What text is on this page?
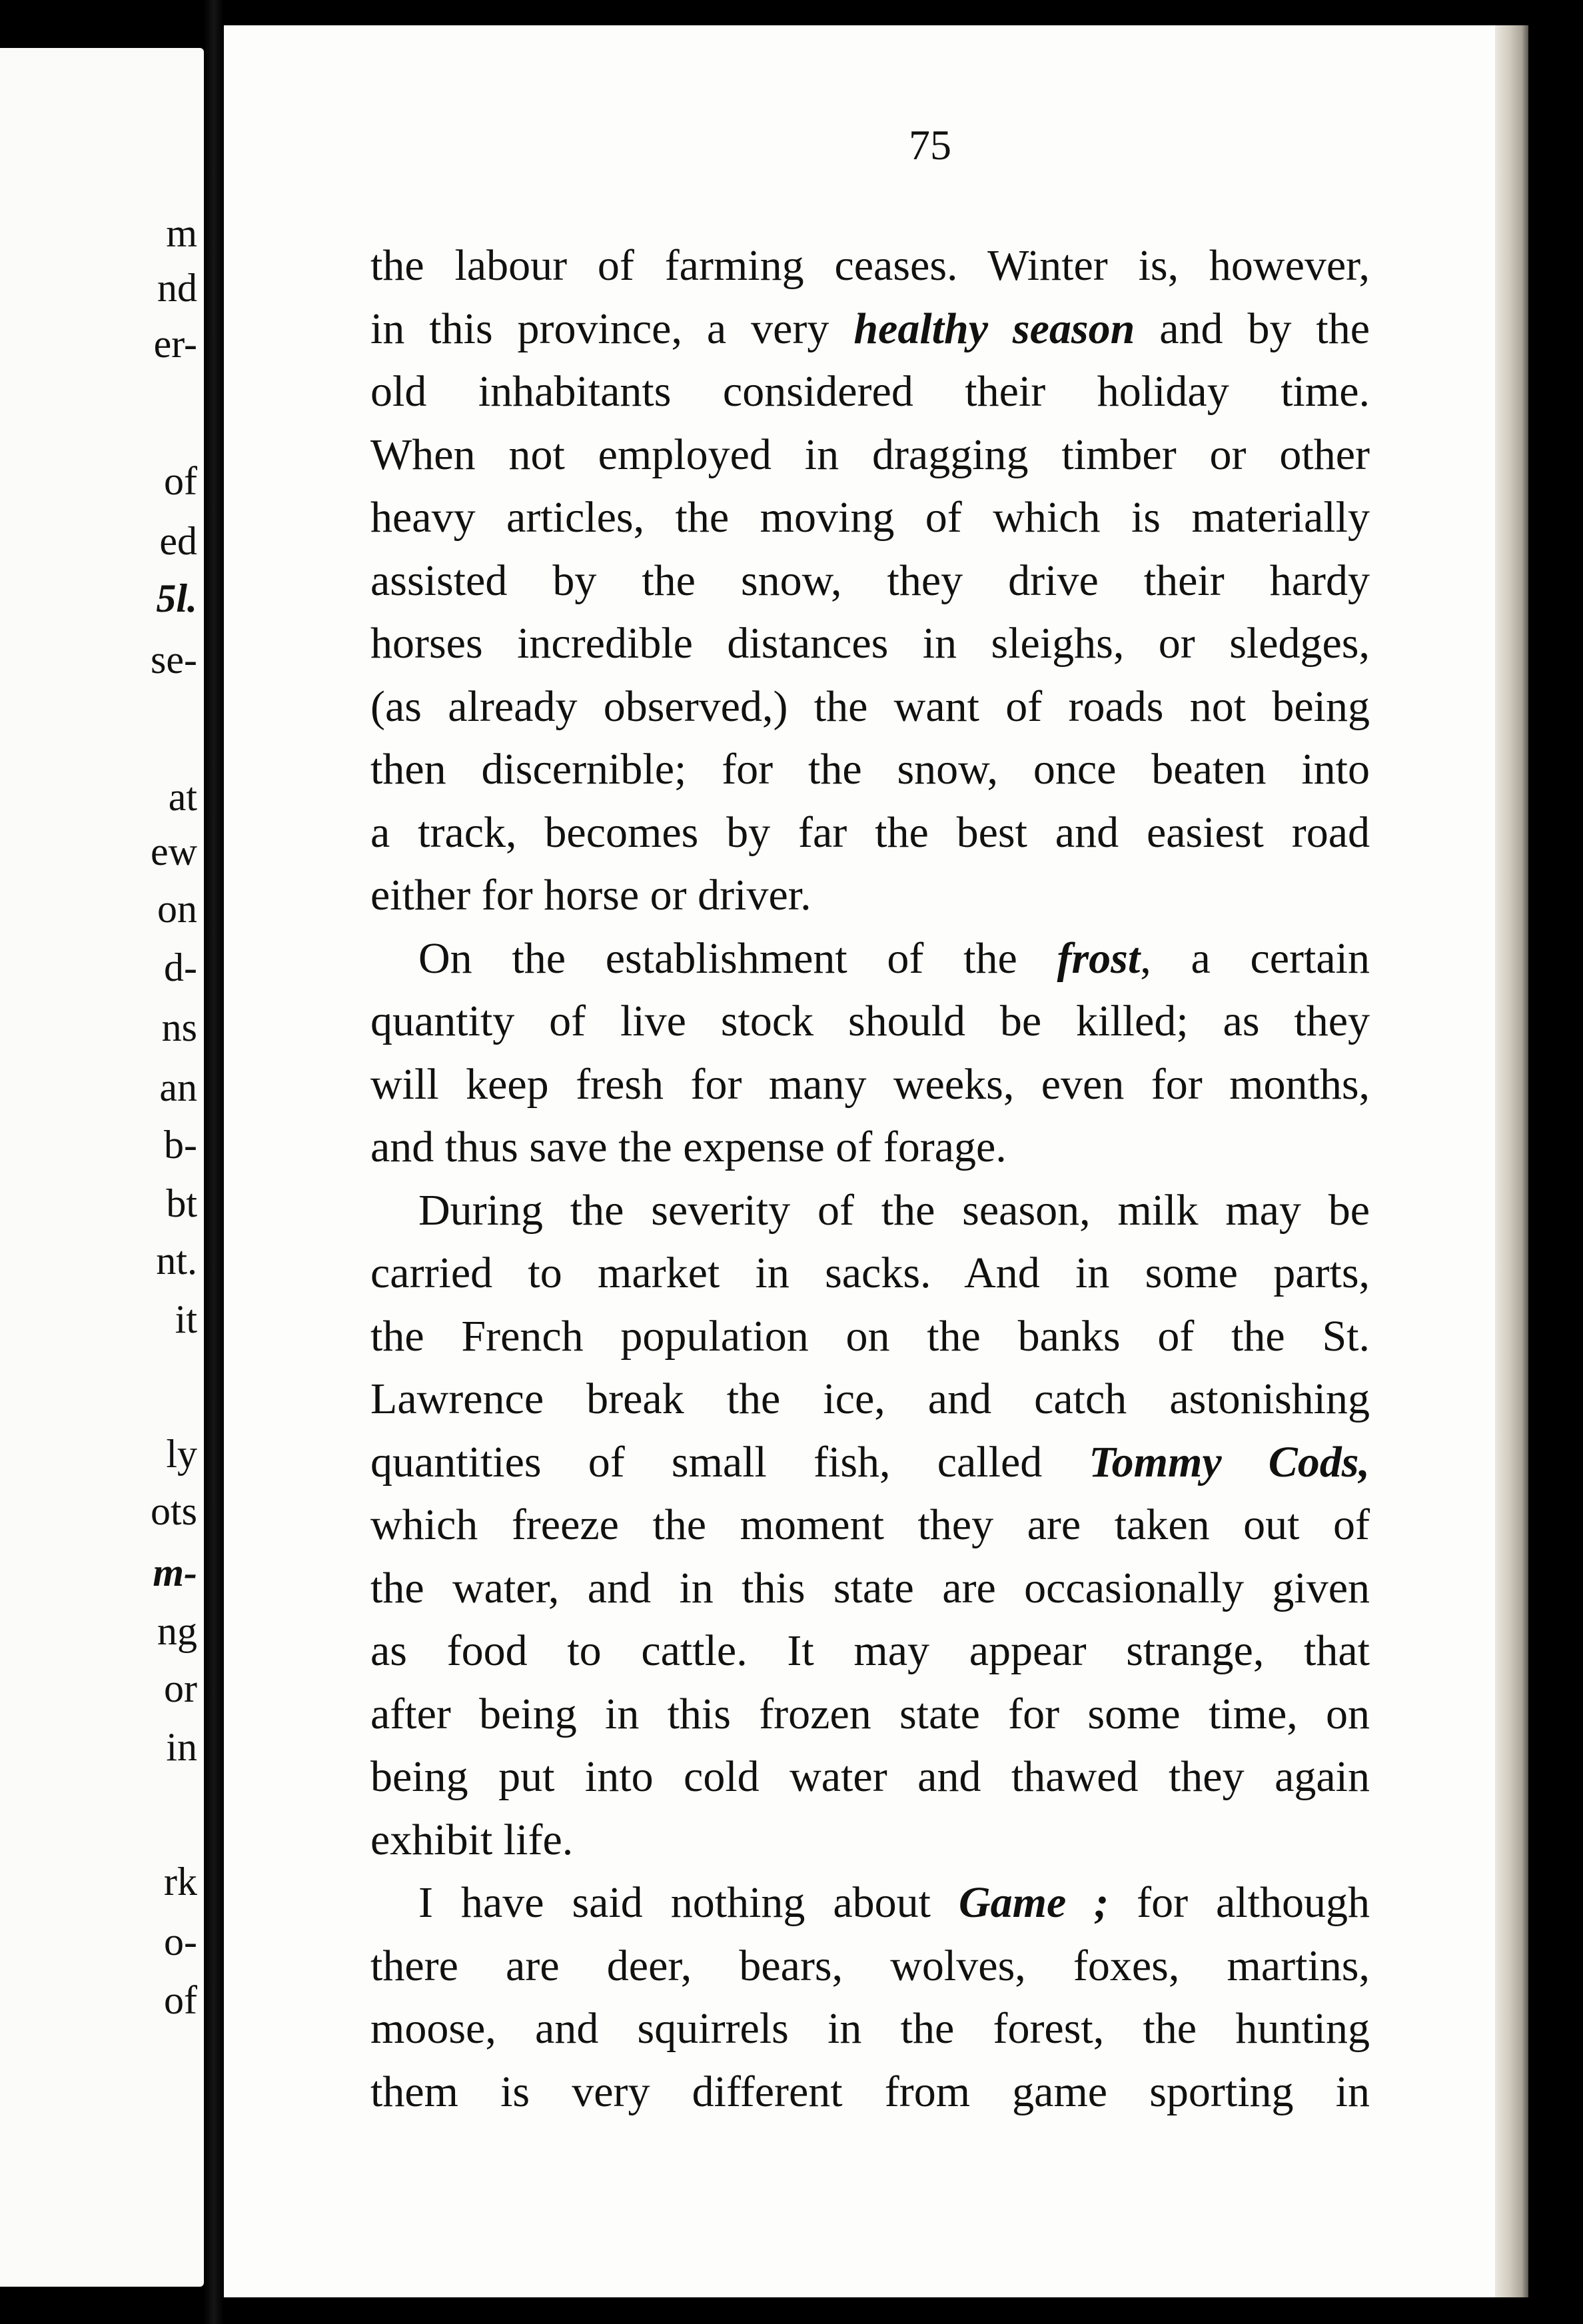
m
nd
er-
of
ed
5l.
se-
at
ew
on
d-
ns
an
b-
bt
nt.
it
ly
ots
m-
ng
or
in
rk
o-
of
75
the labour of farming ceases. Winter is, however,
in this province, a very healthy season and by the
old inhabitants considered their holiday time.
When not employed in dragging timber or other
heavy articles, the moving of which is materially
assisted by the snow, they drive their hardy
horses incredible distances in sleighs, or sledges,
(as already observed,) the want of roads not being
then discernible; for the snow, once beaten into
a track, becomes by far the best and easiest road
either for horse or driver.
On the establishment of the frost, a certain
quantity of live stock should be killed; as they
will keep fresh for many weeks, even for months,
and thus save the expense of forage.
During the severity of the season, milk may be
carried to market in sacks. And in some parts,
the French population on the banks of the St.
Lawrence break the ice, and catch astonishing
quantities of small fish, called Tommy Cods,
which freeze the moment they are taken out of
the water, and in this state are occasionally given
as food to cattle. It may appear strange, that
after being in this frozen state for some time, on
being put into cold water and thawed they again
exhibit life.
I have said nothing about Game ; for although
there are deer, bears, wolves, foxes, martins,
moose, and squirrels in the forest, the hunting
them is very different from game sporting in
